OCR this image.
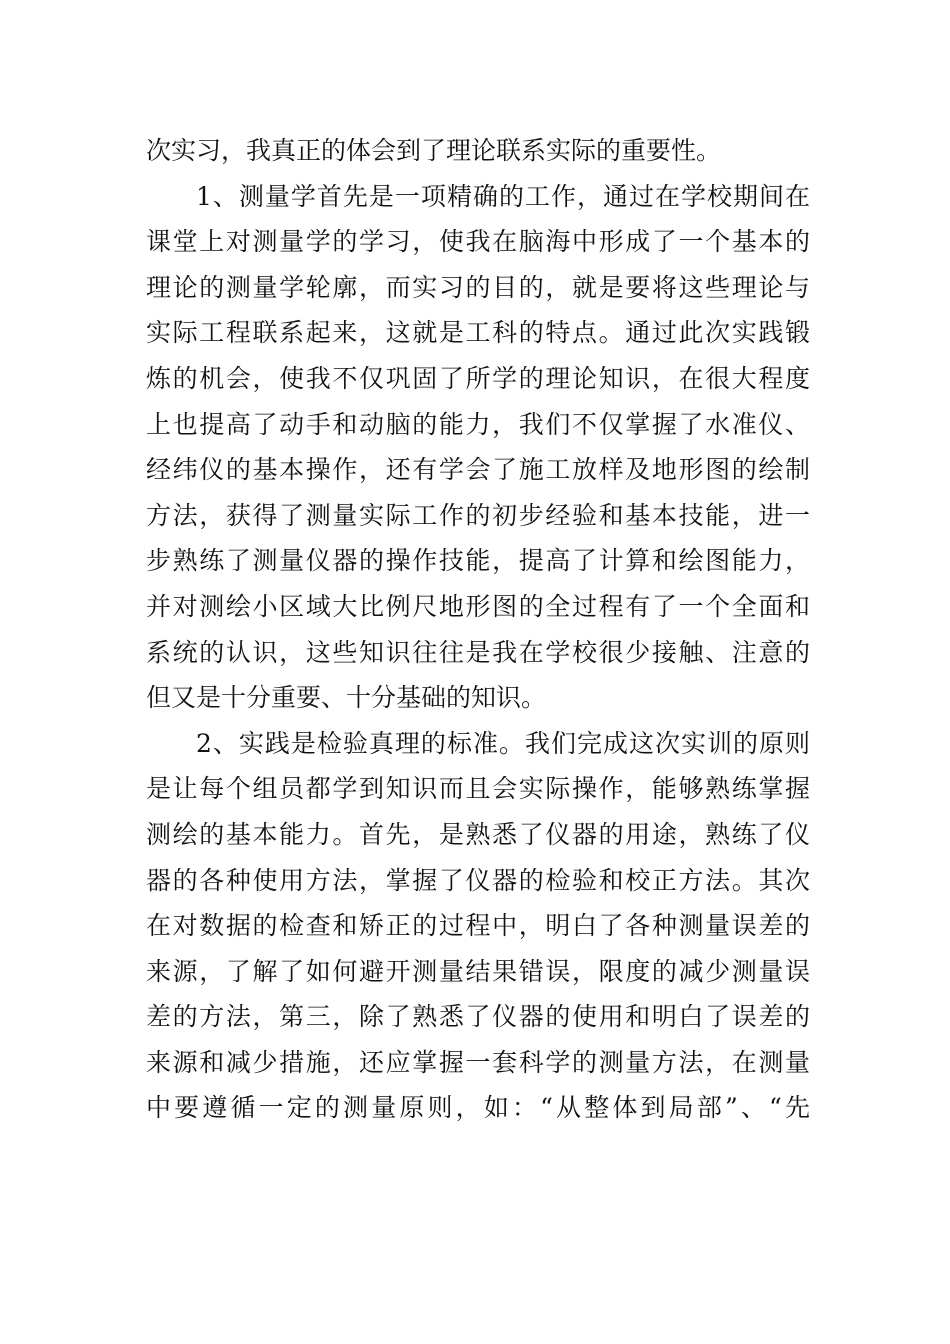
次实习，我真正的体会到了理论联系实际的重要性。
1、测量学首先是一项精确的工作，通过在学校期间在
课堂上对测量学的学习，使我在脑海中形成了一个基本的
理论的测量学轮廓，而实习的目的，就是要将这些理论与
实际工程联系起来，这就是工科的特点。通过此次实践锻
炼的机会，使我不仅巩固了所学的理论知识，在很大程度
上也提高了动手和动脑的能力，我们不仅掌握了水准仪、
经纬仪的基本操作，还有学会了施工放样及地形图的绘制
方法，获得了测量实际工作的初步经验和基本技能，进一
步熟练了测量仪器的操作技能，提高了计算和绘图能力，
并对测绘小区域大比例尺地形图的全过程有了一个全面和
系统的认识，这些知识往往是我在学校很少接触、注意的
但又是十分重要、十分基础的知识。
2、实践是检验真理的标准。我们完成这次实训的原则
是让每个组员都学到知识而且会实际操作，能够熟练掌握
测绘的基本能力。首先，是熟悉了仪器的用途，熟练了仪
器的各种使用方法，掌握了仪器的检验和校正方法。其次
在对数据的检查和矫正的过程中，明白了各种测量误差的
来源，了解了如何避开测量结果错误，限度的减少测量误
差的方法，第三，除了熟悉了仪器的使用和明白了误差的
来源和减少措施，还应掌握一套科学的测量方法，在测量
中要遵循一定的测量原则，如：“从整体到局部”、“先
